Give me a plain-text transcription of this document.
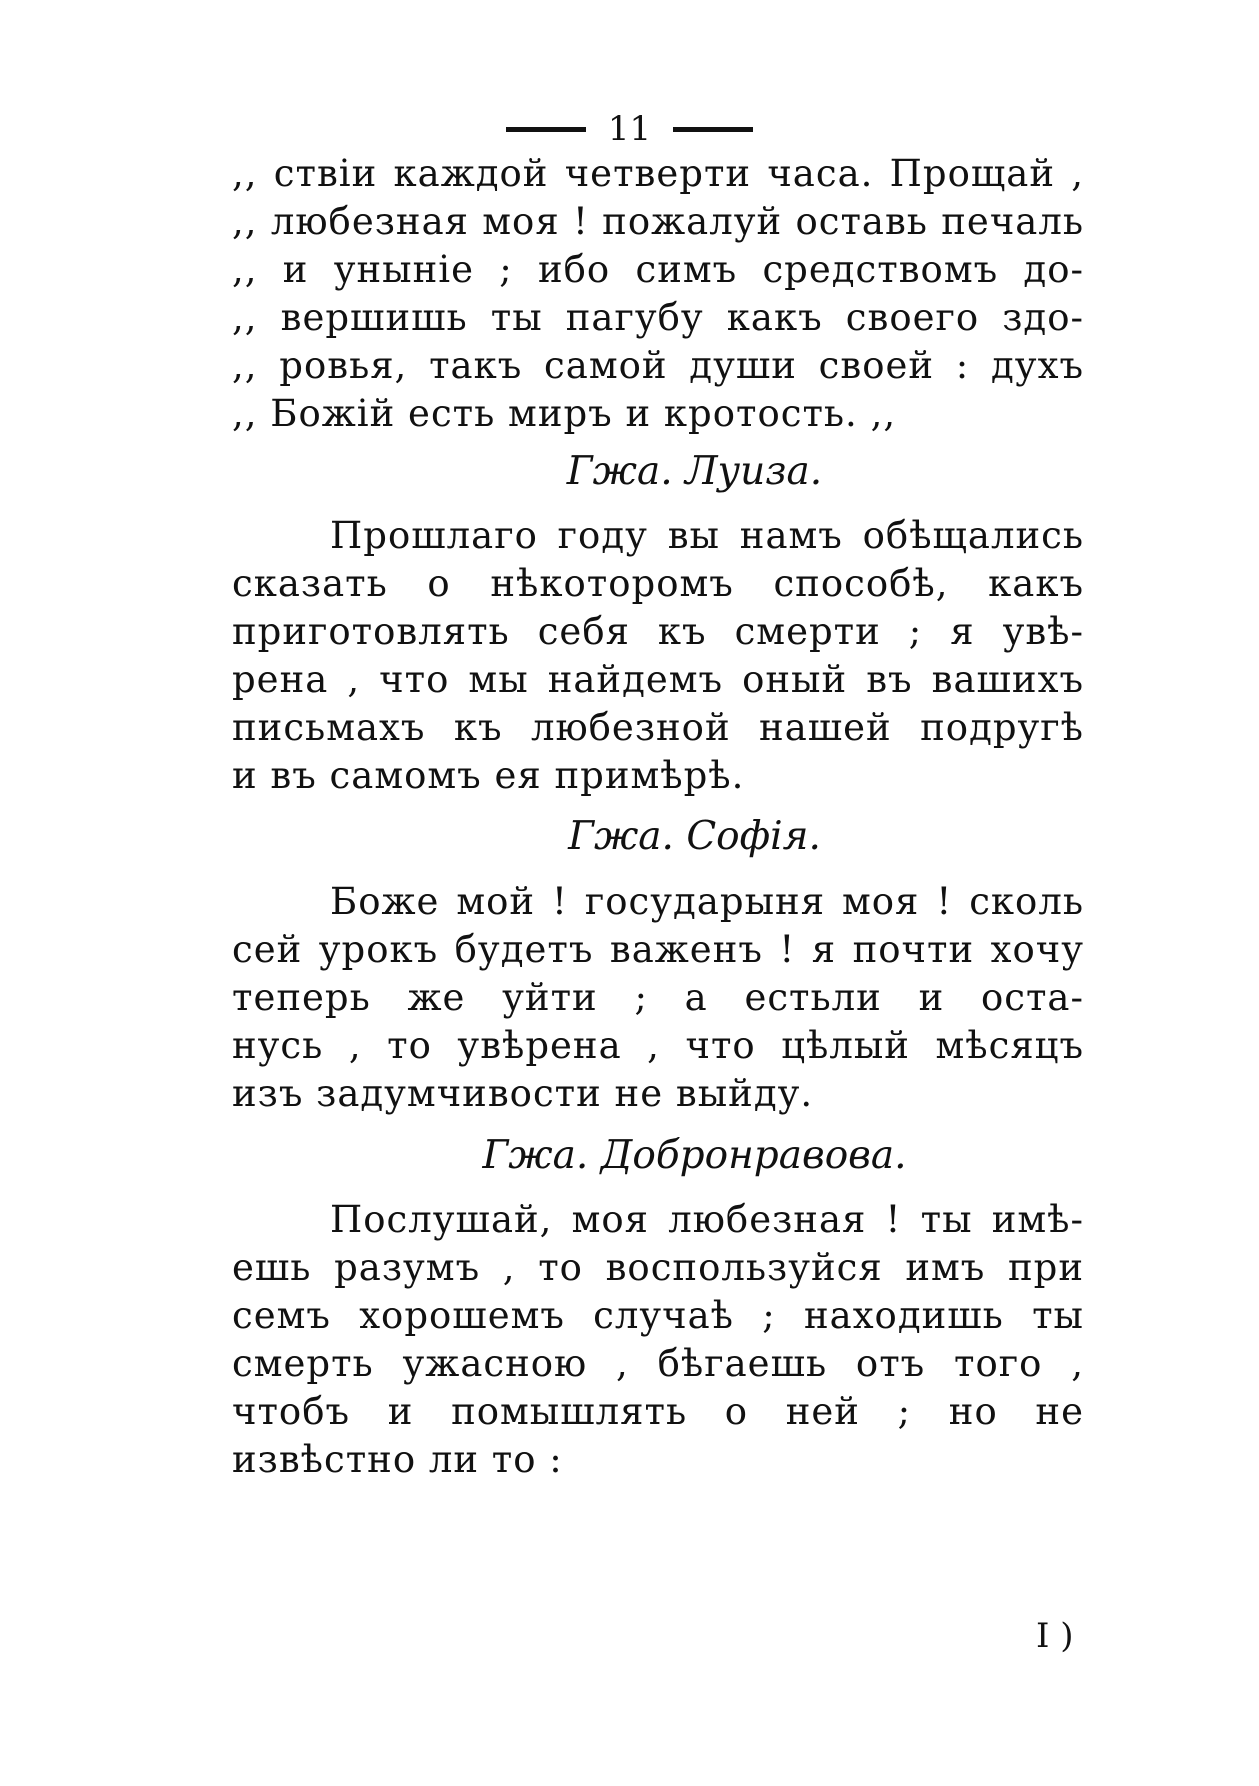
11
,, ствіи каждой четверти часа. Прощай ,
,, любезная моя ! пожалуй оставь печаль
,, и уныніе ; ибо симъ средствомъ до-
,, вершишь ты пагубу какъ своего здо-
,, ровья, такъ самой души своей : духъ
,, Божій есть миръ и кротость. ,,
Гжа. Луиза.
Прошлаго году вы намъ обѣщались
сказать о нѣкоторомъ способѣ, какъ
приготовлять себя къ смерти ; я увѣ-
рена , что мы найдемъ оный въ вашихъ
письмахъ къ любезной нашей подругѣ
и въ самомъ ея примѣрѣ.
Гжа. Софія.
Боже мой ! государыня моя ! сколь
сей урокъ будетъ важенъ ! я почти хочу
теперь же уйти ; а естьли и оста-
нусь , то увѣрена , что цѣлый мѣсяцъ
изъ задумчивости не выйду.
Гжа. Добронравова.
Послушай, моя любезная ! ты имѣ-
ешь разумъ , то воспользуйся имъ при
семъ хорошемъ случаѣ ; находишь ты
смерть ужасною , бѣгаешь отъ того ,
чтобъ и помышлять о ней ; но не
извѣстно ли то :
I )
